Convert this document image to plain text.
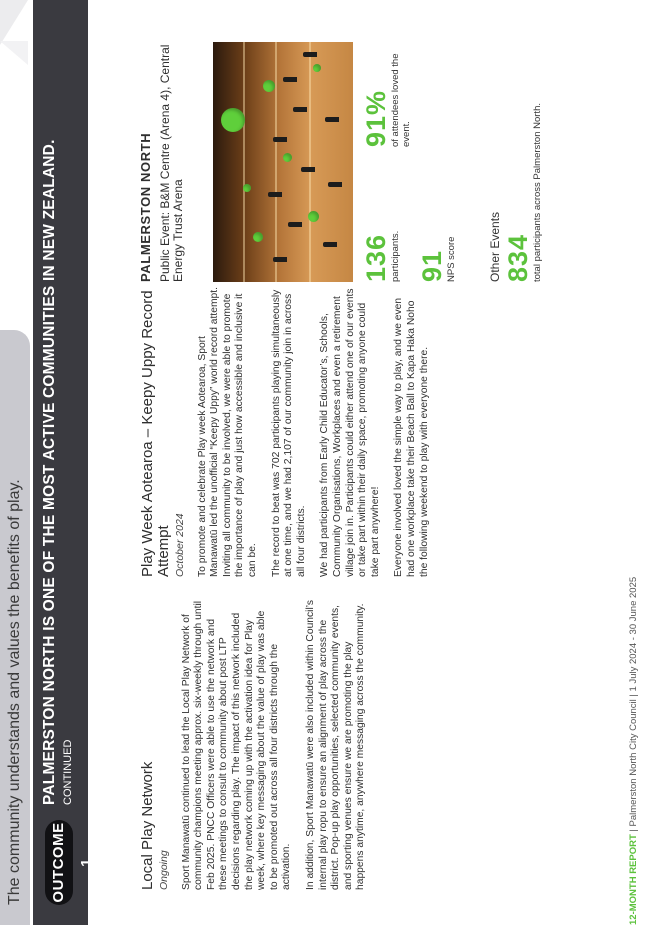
The community understands and values the benefits of play.	OUTCOME 1
PALMERSTON NORTH IS ONE OF THE MOST ACTIVE COMMUNITIES IN NEW ZEALAND. CONTINUED	Local Play Network Ongoing Sport Manawatū continued to lead the Local Play Network of community champions meeting approx. six-weekly through until Feb 2025. PNCC Officers were able to use the network and these meetings to consult to community about post LTP decisions regarding play. The impact of this network included the play network coming up with the activation idea for Play week, where key messaging about the value of play was able to be promoted out across all four districts through the activation. In addition, Sport Manawatū were also included within Council’s internal play ropu to ensure an alignment of play across the district. Pop-up play opportunities, selected community events, and sporting venues ensure we are promoting the play happens anytime, anywhere messaging across the community.

Play Week Aotearoa – Keepy Uppy Record Attempt October 2024 To promote and celebrate Play week Aotearoa, Sport Manawatū led the unofficial “Keepy Uppy” world record attempt. Inviting all community to be involved, we were able to promote the importance of play and just how accessible and inclusive it can be. The record to beat was 702 participants playing simultaneously at one time, and we had 2,107 of our community join in across all four districts. We had participants from Early Child Educator’s, Schools, Community Organisations, Workplaces and even a retirement village join in. Participants could either attend one of our events or take part within their daily space, promoting anyone could take part anywhere! Everyone involved loved the simple way to play, and we even had one workplace take their Beach Ball to Kapa Haka Noho the following weekend to play with everyone there.

PALMERSTON NORTH Public Event: B&M Centre (Arena 4), Central Energy Trust Arena	136 participants.
91% of attendees loved the event.
91 NPS score	Other Events 834 total participants across Palmerston North.
12-MONTH REPORT | Palmerston North City Council | 1 July 2024 - 30 June 2025
